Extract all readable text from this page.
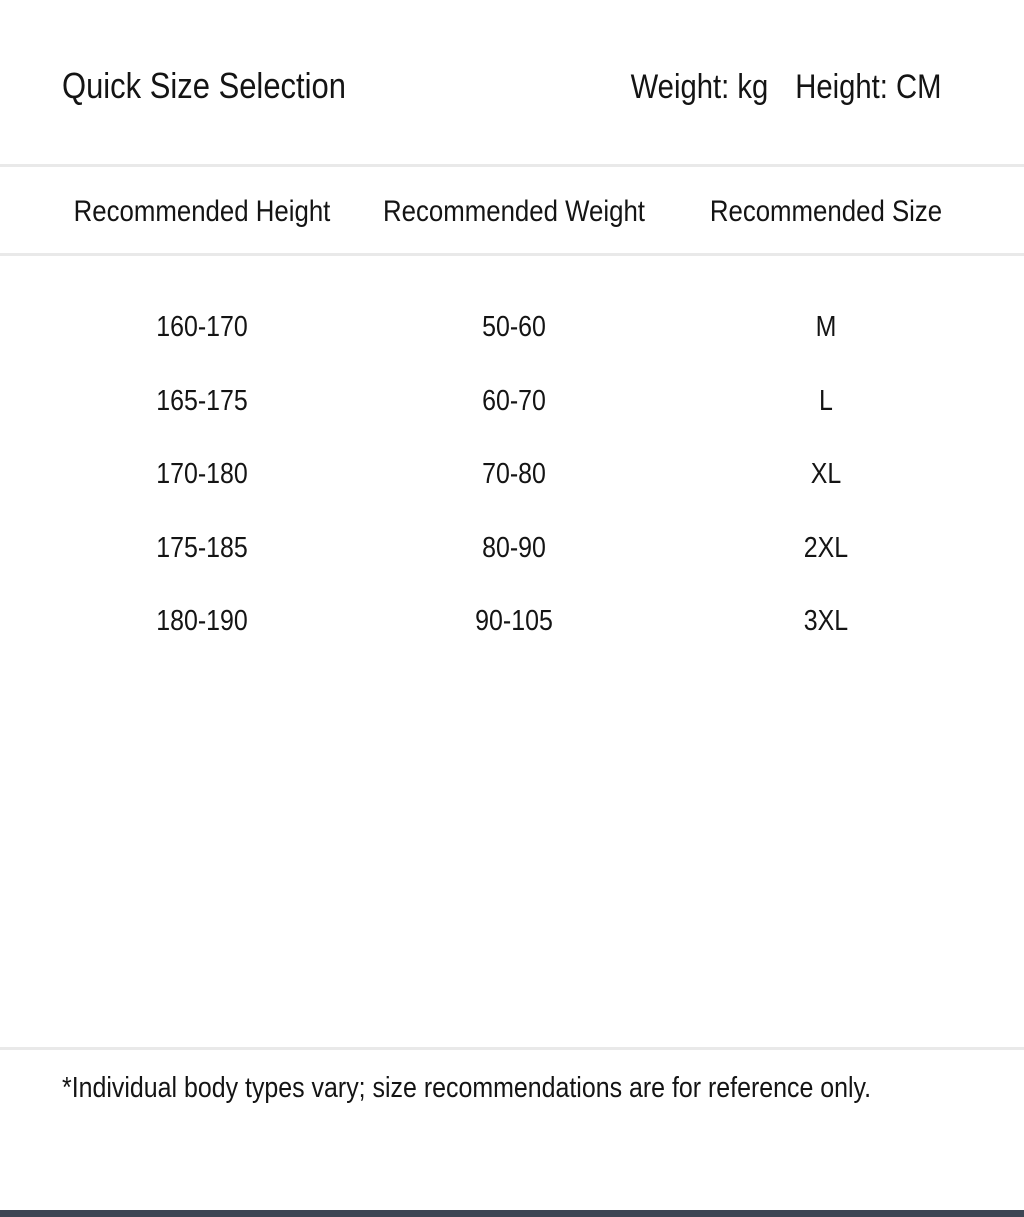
Quick Size Selection	Weight: kg Height: CM
Recommended Height	Recommended Weight	Recommended Size
160-170	50-60	M
165-175	60-70	L
170-180	70-80	XL
175-185	80-90	2XL
180-190	90-105	3XL
*Individual body types vary; size recommendations are for reference only.
